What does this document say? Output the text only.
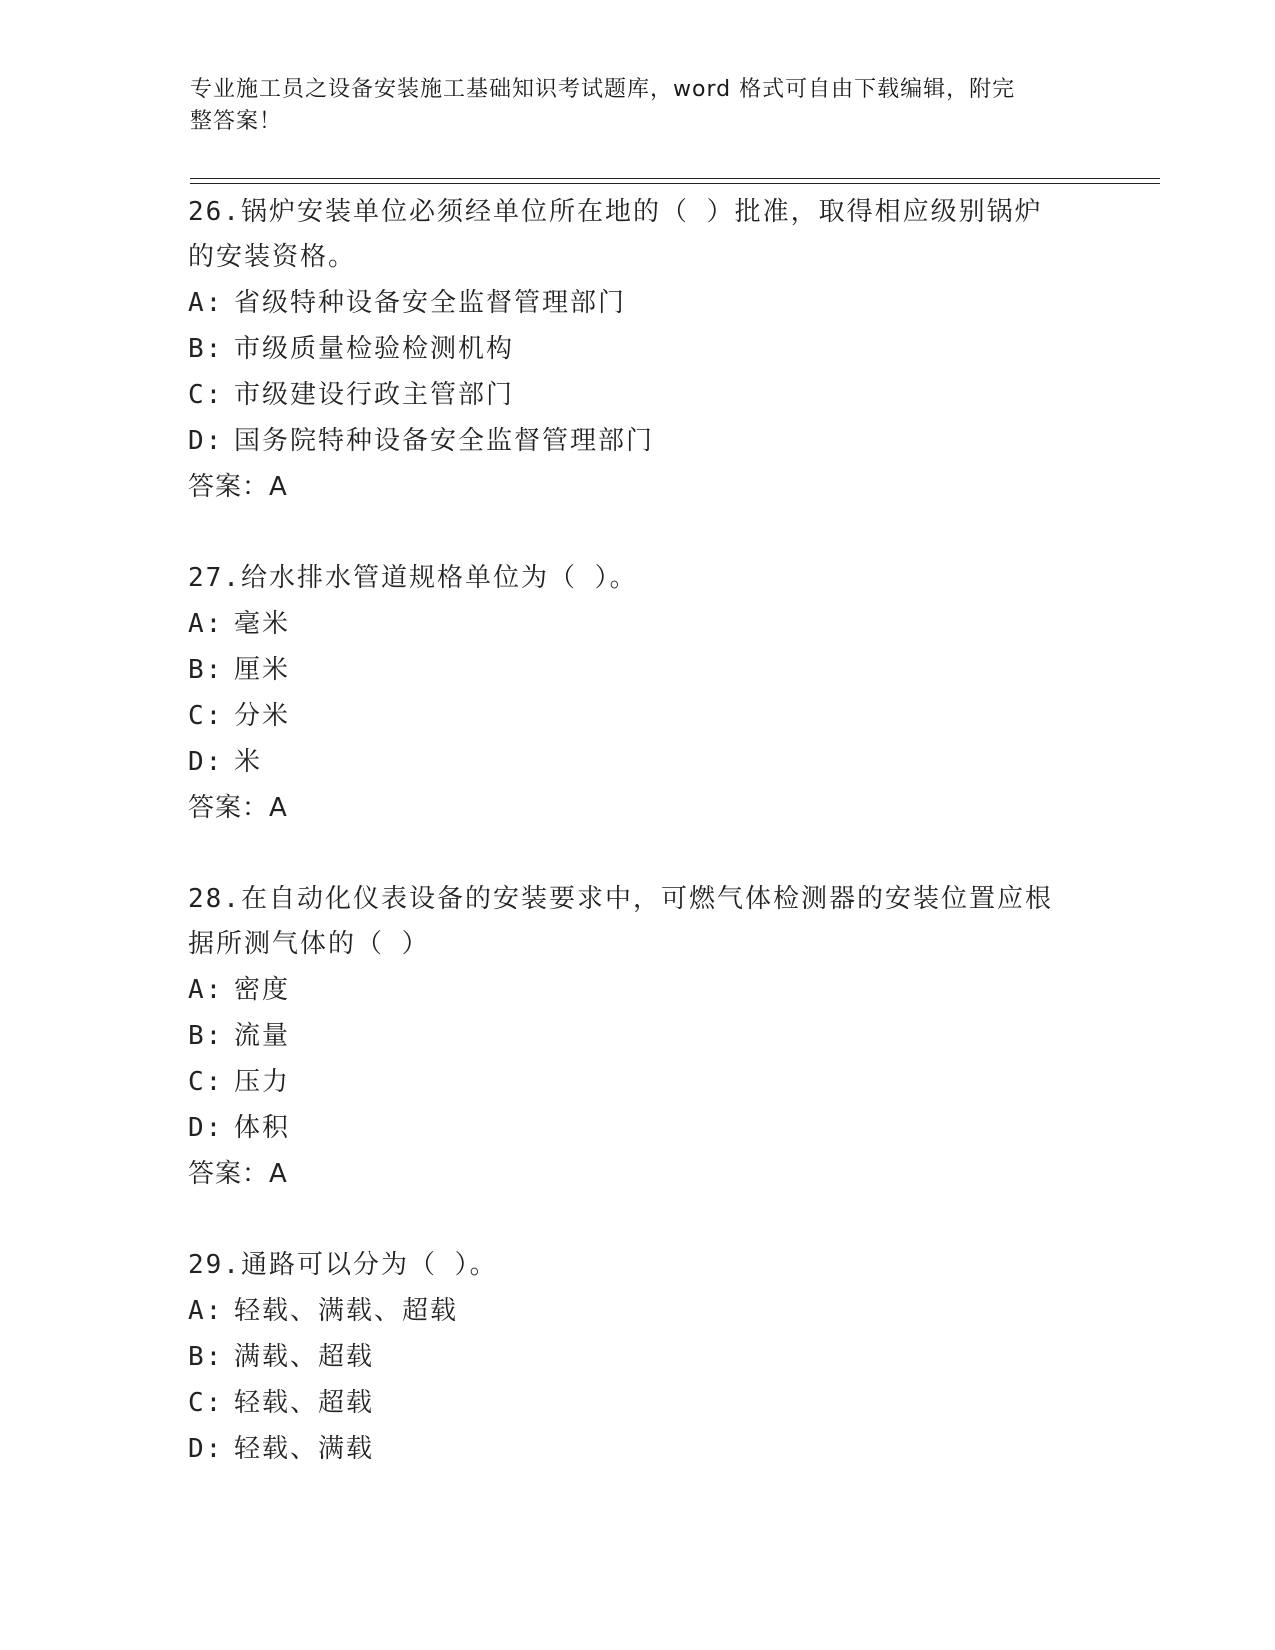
专业施工员之设备安装施工基础知识考试题库，word 格式可自由下载编辑，附完
整答案！

26.锅炉安装单位必须经单位所在地的（ ）批准，取得相应级别锅炉

的安装资格。

A: 省级特种设备安全监督管理部门

B: 市级质量检验检测机构

C: 市级建设行政主管部门

D: 国务院特种设备安全监督管理部门

答案：A

27.给水排水管道规格单位为（ ）。

A: 毫米

B: 厘米

C: 分米

D: 米

答案：A

28.在自动化仪表设备的安装要求中，可燃气体检测器的安装位置应根

据所测气体的（ ）

A: 密度

B: 流量

C: 压力

D: 体积

答案：A

29.通路可以分为（ ）。

A: 轻载、满载、超载

B: 满载、超载

C: 轻载、超载

D: 轻载、满载
